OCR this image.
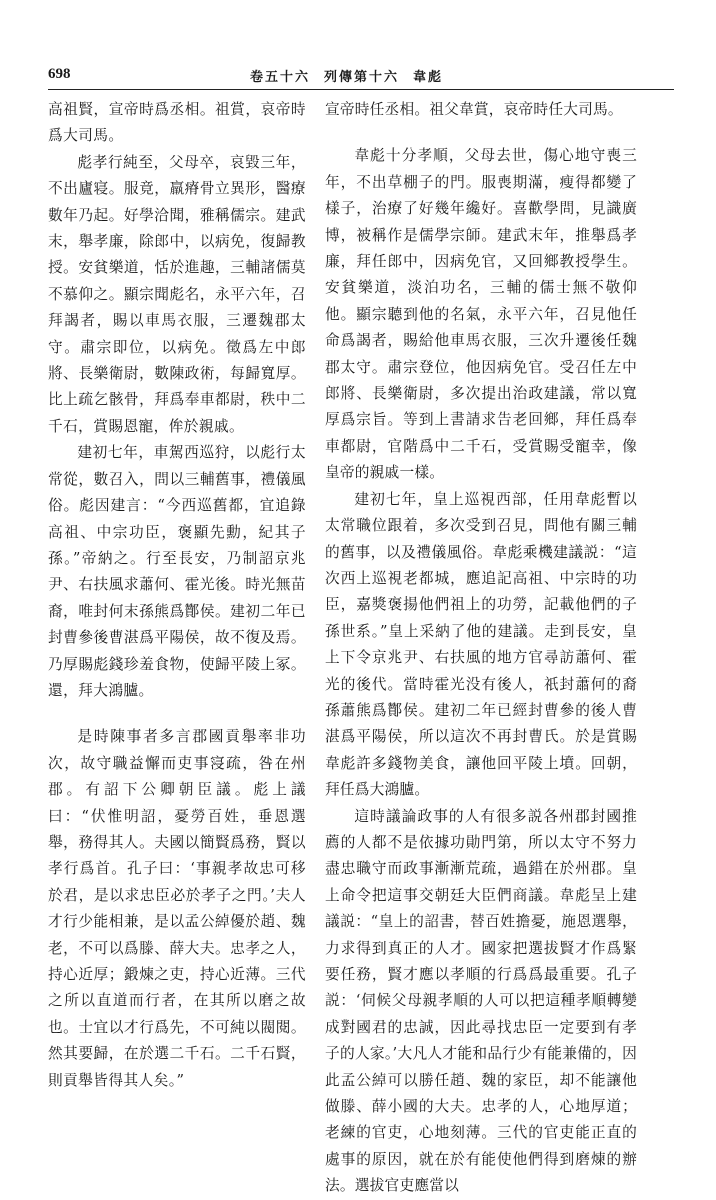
698	卷五十六 列傳第十六 韋彪

高祖賢，宣帝時爲丞相。祖賞，哀帝時爲大司馬。

彪孝行純至，父母卒，哀毀三年，不出廬寝。服竟，羸瘠骨立異形，醫療數年乃起。好學洽聞，雅稱儒宗。建武末，舉孝廉，除郎中，以病免，復歸教授。安貧樂道，恬於進趣，三輔諸儒莫不慕仰之。顯宗聞彪名，永平六年，召拜謁者，賜以車馬衣服，三遷魏郡太守。肅宗即位，以病免。徵爲左中郎將、長樂衛尉，數陳政術，每歸寬厚。比上疏乞骸骨，拜爲奉車都尉，秩中二千石，賞賜恩寵，侔於親戚。

建初七年，車駕西巡狩，以彪行太常從，數召入，問以三輔舊事，禮儀風俗。彪因建言：“今西巡舊都，宜追錄高祖、中宗功臣，褒顯先勳，紀其子孫。”帝納之。行至長安，乃制詔京兆尹、右扶風求蕭何、霍光後。時光無苗裔，唯封何末孫熊爲酇侯。建初二年已封曹參後曹湛爲平陽侯，故不復及焉。乃厚賜彪錢珍羞食物，使歸平陵上冢。還，拜大鴻臚。

是時陳事者多言郡國貢舉率非功次，故守職益懈而吏事寖疏，咎在州郡。有詔下公卿朝臣議。彪上議曰：“伏惟明詔，憂勞百姓，垂恩選舉，務得其人。夫國以簡賢爲務，賢以孝行爲首。孔子曰：‘事親孝故忠可移於君，是以求忠臣必於孝子之門。’夫人才行少能相兼，是以孟公綽優於趙、魏老，不可以爲滕、薛大夫。忠孝之人，持心近厚；鍛煉之吏，持心近薄。三代之所以直道而行者，在其所以磨之故也。士宜以才行爲先，不可純以閥閱。然其要歸，在於選二千石。二千石賢，則貢舉皆得其人矣。”

宣帝時任丞相。祖父韋賞，哀帝時任大司馬。

韋彪十分孝順，父母去世，傷心地守喪三年，不出草棚子的門。服喪期滿，瘦得都變了樣子，治療了好幾年纔好。喜歡學問，見識廣博，被稱作是儒學宗師。建武末年，推舉爲孝廉，拜任郎中，因病免官，又回鄉教授學生。安貧樂道，淡泊功名，三輔的儒士無不敬仰他。顯宗聽到他的名氣，永平六年，召見他任命爲謁者，賜給他車馬衣服，三次升遷後任魏郡太守。肅宗登位，他因病免官。受召任左中郎將、長樂衛尉，多次提出治政建議，常以寬厚爲宗旨。等到上書請求告老回鄉，拜任爲奉車都尉，官階爲中二千石，受賞賜受寵幸，像皇帝的親戚一樣。

建初七年，皇上巡視西部，任用韋彪暫以太常職位跟着，多次受到召見，問他有關三輔的舊事，以及禮儀風俗。韋彪乘機建議説：“這次西上巡視老都城，應追記高祖、中宗時的功臣，嘉獎褒揚他們祖上的功勞，記載他們的子孫世系。”皇上采納了他的建議。走到長安，皇上下令京兆尹、右扶風的地方官尋訪蕭何、霍光的後代。當時霍光没有後人，祇封蕭何的裔孫蕭熊爲酇侯。建初二年已經封曹參的後人曹湛爲平陽侯，所以這次不再封曹氏。於是賞賜韋彪許多錢物美食，讓他回平陵上墳。回朝，拜任爲大鴻臚。

這時議論政事的人有很多説各州郡封國推薦的人都不是依據功勛門第，所以太守不努力盡忠職守而政事漸漸荒疏，過錯在於州郡。皇上命令把這事交朝廷大臣們商議。韋彪呈上建議説：“皇上的詔書，替百姓擔憂，施恩選舉，力求得到真正的人才。國家把選拔賢才作爲緊要任務，賢才應以孝順的行爲爲最重要。孔子説：‘伺候父母親孝順的人可以把這種孝順轉變成對國君的忠誠，因此尋找忠臣一定要到有孝子的人家。’大凡人才能和品行少有能兼備的，因此孟公綽可以勝任趙、魏的家臣，却不能讓他做滕、薛小國的大夫。忠孝的人，心地厚道；老練的官吏，心地刻薄。三代的官吏能正直的處事的原因，就在於有能使他們得到磨煉的辦法。選拔官吏應當以
